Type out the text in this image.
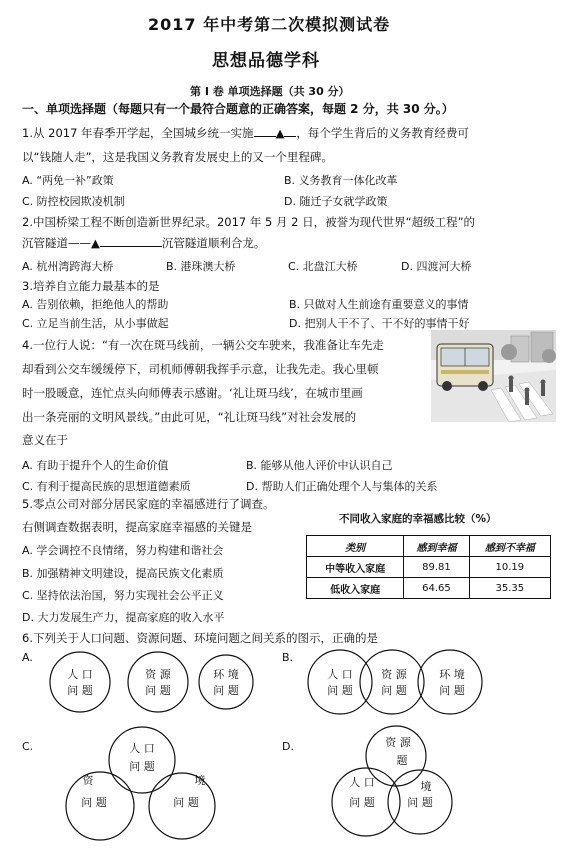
2017 年中考第二次模拟测试卷
思想品德学科
第 Ⅰ 卷 单项选择题（共 30 分）
一、单项选择题（每题只有一个最符合题意的正确答案，每题 2 分，共 30 分。）
1.从 2017 年春季开学起，全国城乡统一实施 ▲ ，每个学生背后的义务教育经费可
以“钱随人走”，这是我国义务教育发展史上的又一个里程碑。
A. “两免一补”政策	B. 义务教育一体化改革
C. 防控校园欺凌机制	D. 随迁子女就学政策
2.中国桥梁工程不断创造新世界纪录。2017 年 5 月 2 日，被誉为现代世界“超级工程”的
沉管隧道——▲	沉管隧道顺利合龙。
A. 杭州湾跨海大桥	B. 港珠澳大桥	C. 北盘江大桥	D. 四渡河大桥
3.培养自立能力最基本的是
A. 告别依赖，拒绝他人的帮助	B. 只做对人生前途有重要意义的事情
C. 立足当前生活，从小事做起	D. 把别人干不了、干不好的事情干好
4.一位行人说：“有一次在斑马线前，一辆公交车驶来，我准备让车先走
却看到公交车缓缓停下，司机师傅朝我挥手示意，让我先走。我心里顿
时一股暖意，连忙点头向师傅表示感谢。‘礼让斑马线’，在城市里画
出一条亮丽的文明风景线。”由此可见，“礼让斑马线”对社会发展的
意义在于
A. 有助于提升个人的生命价值	B. 能够从他人评价中认识自己
C. 有利于提高民族的思想道德素质	D. 帮助人们正确处理个人与集体的关系
5.零点公司对部分居民家庭的幸福感进行了调查。
右侧调查数据表明，提高家庭幸福感的关键是
A. 学会调控不良情绪，努力构建和谐社会
B. 加强精神文明建设，提高民族文化素质
C. 坚持依法治国，努力实现社会公平正义
D. 大力发展生产力，提高家庭的收入水平
不同收入家庭的幸福感比较（%）
类别	感到幸福	感到不幸福
中等收入家庭	89.81	10.19
低收入家庭	64.65	35.35
6.下列关于人口问题、资源问题、环境问题之间关系的图示，正确的是
A.
人 口
问 题
资 源
问 题
环 境
问 题
B.
人 口
问 题
资 源
问 题
环 境
问 题
C.	人 口
问 题
资
问 题
境
问 题
D.	资 源
题
人 口
问 题
境
问 题
